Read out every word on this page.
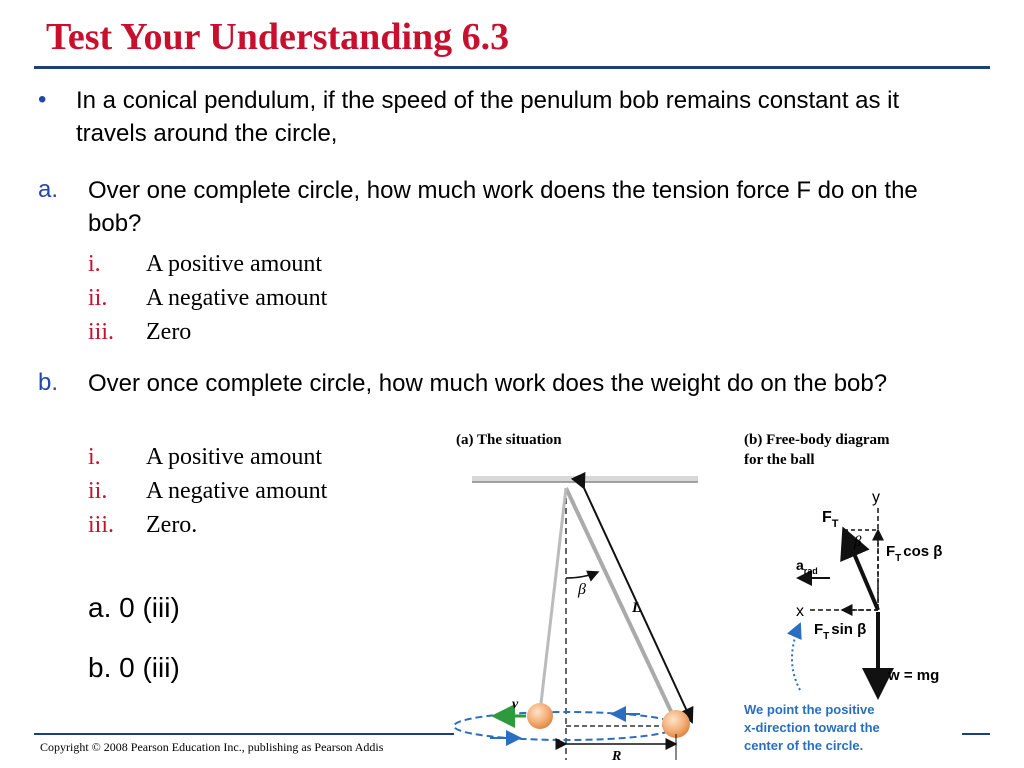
Test Your Understanding 6.3
• In a conical pendulum, if the speed of the penulum bob remains constant as it travels around the circle,
a. Over one complete circle, how much work doens the tension force F do on the bob?
i. A positive amount
ii. A negative amount
iii. Zero
b. Over once complete circle, how much work does the weight do on the bob?
i. A positive amount
ii. A negative amount
iii. Zero.
a. 0 (iii)
b. 0 (iii)
(a) The situation
L
β
v
R
(b) Free-body diagram
for the ball
y
x
$F_T$
$F_T$ cos β
$F_T$ sin β
β
$a_{rad}$
w = mg
We point the positive
x-direction toward the
center of the circle.
Copyright © 2008 Pearson Education Inc., publishing as Pearson Addis
